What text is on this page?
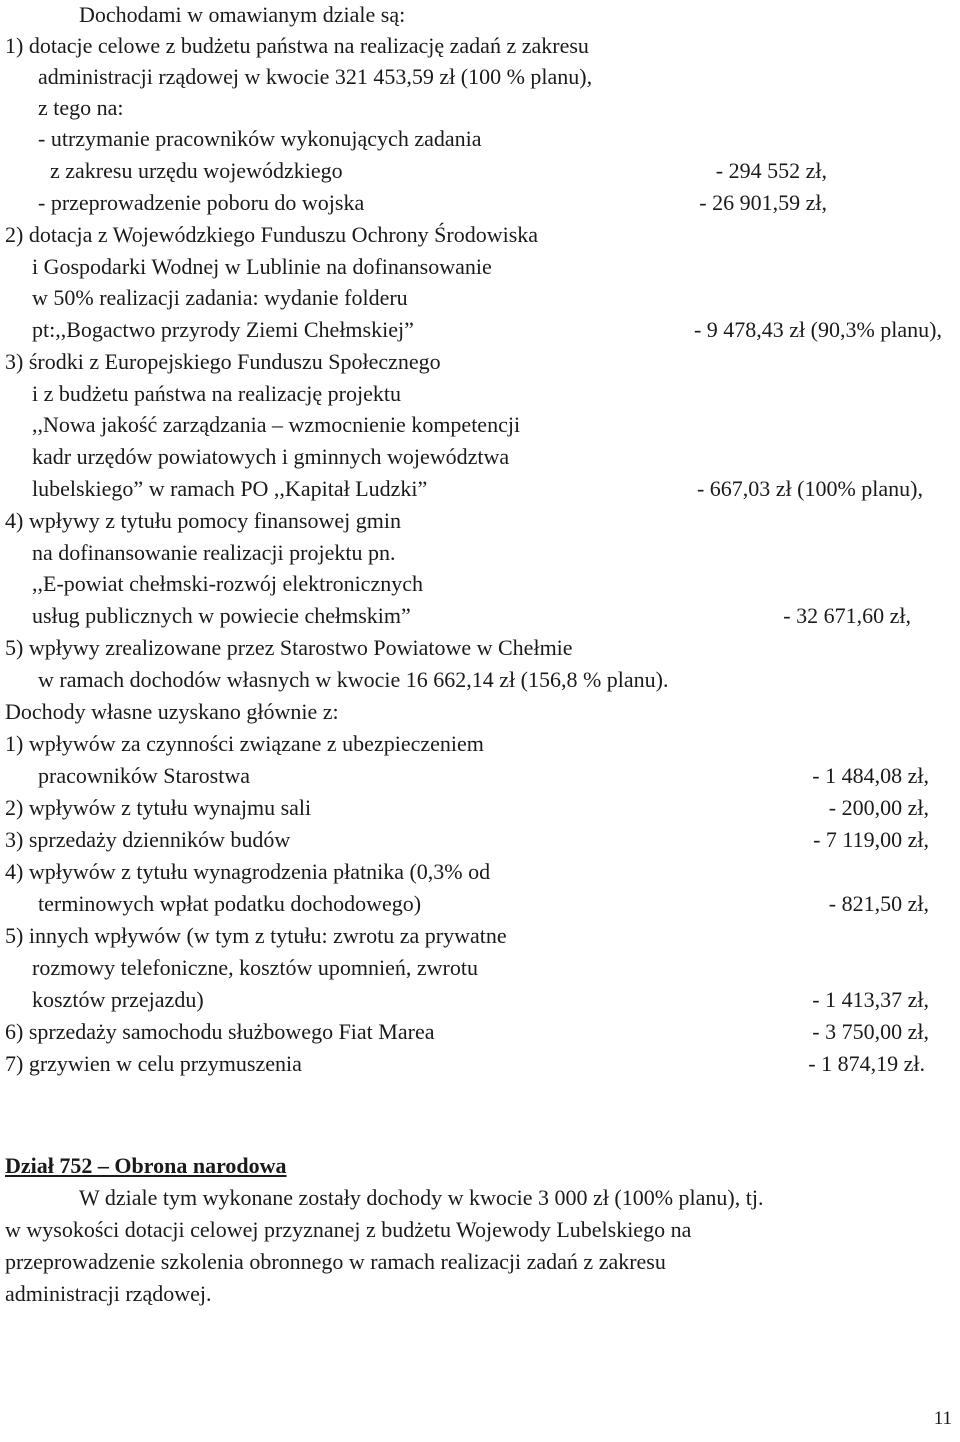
Dochodami w omawianym dziale są:
1) dotacje celowe z budżetu państwa na realizację zadań z zakresu
administracji rządowej w kwocie 321 453,59 zł (100 % planu),
z tego na:
- utrzymanie pracowników wykonujących zadania
z zakresu urzędu wojewódzkiego	- 294 552 zł,
- przeprowadzenie poboru do wojska	- 26 901,59 zł,
2) dotacja z Wojewódzkiego Funduszu Ochrony Środowiska
i Gospodarki Wodnej w Lublinie na dofinansowanie
w 50% realizacji zadania: wydanie folderu
pt:,,Bogactwo przyrody Ziemi Chełmskiej”	- 9 478,43 zł (90,3% planu),
3) środki z Europejskiego Funduszu Społecznego
i z budżetu państwa na realizację projektu
,,Nowa jakość zarządzania – wzmocnienie kompetencji
kadr urzędów powiatowych i gminnych województwa
lubelskiego” w ramach PO ,,Kapitał Ludzki”	- 667,03 zł (100% planu),
4) wpływy z tytułu pomocy finansowej gmin
na dofinansowanie realizacji projektu pn.
,,E-powiat chełmski-rozwój elektronicznych
usług publicznych w powiecie chełmskim”	- 32 671,60 zł,
5) wpływy zrealizowane przez Starostwo Powiatowe w Chełmie
w ramach dochodów własnych w kwocie 16 662,14 zł (156,8 % planu).
Dochody własne uzyskano głównie z:
1) wpływów za czynności związane z ubezpieczeniem
pracowników Starostwa	- 1 484,08 zł,
2) wpływów z tytułu wynajmu sali	- 200,00 zł,
3) sprzedaży dzienników budów	- 7 119,00 zł,
4) wpływów z tytułu wynagrodzenia płatnika (0,3% od
terminowych wpłat podatku dochodowego)	- 821,50 zł,
5) innych wpływów (w tym z tytułu: zwrotu za prywatne
rozmowy telefoniczne, kosztów upomnień, zwrotu
kosztów przejazdu)	- 1 413,37 zł,
6) sprzedaży samochodu służbowego Fiat Marea	- 3 750,00 zł,
7) grzywien w celu przymuszenia	- 1 874,19 zł.
Dział 752 – Obrona narodowa
W dziale tym wykonane zostały dochody w kwocie 3 000 zł (100% planu), tj.
w wysokości dotacji celowej przyznanej z budżetu Wojewody Lubelskiego na
przeprowadzenie szkolenia obronnego w ramach realizacji zadań z zakresu
administracji rządowej.
11
